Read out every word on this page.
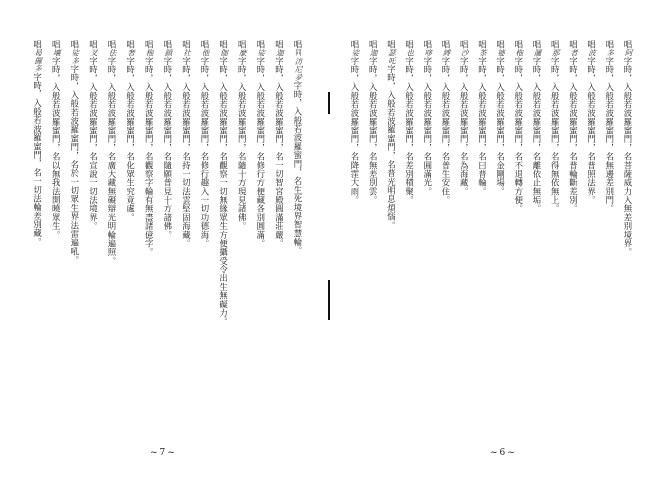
唱同汸尼夛字時，入般若波羅蜜門，名生死境界智慧輪。
唱迦字時，入般若波羅蜜門，名一切智宮殿圓滿莊嚴。
唱娑字時，入般若波羅蜜門，名修行方便藏各別圓滿。
唱麼字時，入般若波羅蜜門，名隨十方現見諸佛。
唱伽字時，入般若波羅蜜門，名觀察一切無緣眾生方便攝受令出生無礙力。
唱他字時，入般若波羅蜜門，名修行趣入一切功德海。
唱社字時，入般若波羅蜜門，名持一切法雲堅固海藏。
唱鎖字時，入般若波羅蜜門，名隨願普見十方諸佛。
唱柂字時，入般若波羅蜜門，名觀察字輪有無盡諸億字。
唱奢字時，入般若波羅蜜門，名化眾生究竟處。
唱佉字時，入般若波羅蜜門，名廣大藏無礙辯光明輪遍照。
唱叉字時，入般若波羅蜜門，名宣說一切法境界。
唱娑多字時，入般若波羅蜜門，名於一切眾生界法雷遍吼。
唱壤字時，入般若波羅蜜門，名以無我法開曉眾生。
唱曷攞多字時，入般若波羅蜜門，名一切法輪差別藏。
唱阿字時，入般若波羅蜜門，名菩薩威力入無差別境界。
唱多字時，入般若波羅蜜門，名無邊差別門。
唱波字時，入般若波羅蜜門，名普照法界。
唱者字時，入般若波羅蜜門，名普輪斷差別。
唱那字時，入般若波羅蜜門，名得無依無上。
唱邏字時，入般若波羅蜜門，名離依止無垢。
唱柂字時，入般若波羅蜜門，名不退轉方便。
唱婆字時，入般若波羅蜜門，名金剛場。
唱茶字時，入般若波羅蜜門，名曰普輪。
唱沙字時，入般若波羅蜜門，名為海藏。
唱縛字時，入般若波羅蜜門，名普生安住。
唱哆字時，入般若波羅蜜門，名圓滿光。
唱也字時，入般若波羅蜜門，名差別積聚。
唱瑟吒字時，入般若波羅蜜門，名普光明息煩惱。
唱迦字時，入般若波羅蜜門，名無差別雲。
唱娑字時，入般若波羅蜜門，名降霔大雨。
~7~	~6~
